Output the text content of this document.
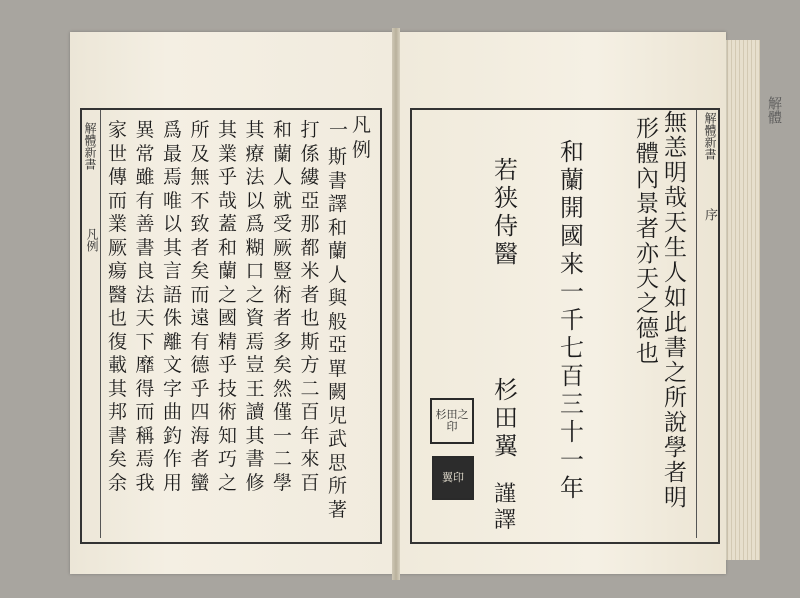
解體新書
凡例
凡
例
一
斯
書
譯
和
蘭
人
與
般
亞
單
闕
児
武
思
所
著
打
係
縷
亞
那
都
米
者
也
斯
方
二
百
年
來
百
和
蘭
人
就
受
厥
豎
術
者
多
矣
然
僅
一
二
學
其
療
法
以
爲
糊
口
之
資
焉
豈
王
讀
其
書
修
其
業
乎
哉
蓋
和
蘭
之
國
精
乎
技
術
知
巧
之
所
及
無
不
致
者
矣
而
遠
有
德
乎
四
海
者
蠻
爲
最
焉
唯
以
其
言
語
侏
離
文
字
曲
釣
作
用
異
常
雖
有
善
書
良
法
天
下
靡
得
而
稱
焉
我
家
世
傳
而
業
厥
瘍
醫
也
復
載
其
邦
書
矣
余
解體新書
序
無
恙
明
哉
天
生
人
如
此
書
之
所
說
學
者
明
形
體
內
景
者
亦
天
之
德
也
和
蘭
開
國
来
一
千
七
百
三
十
一
年
若
狭
侍
醫
杉
田
翼
謹
譯
杉田之印
翼印
解體
